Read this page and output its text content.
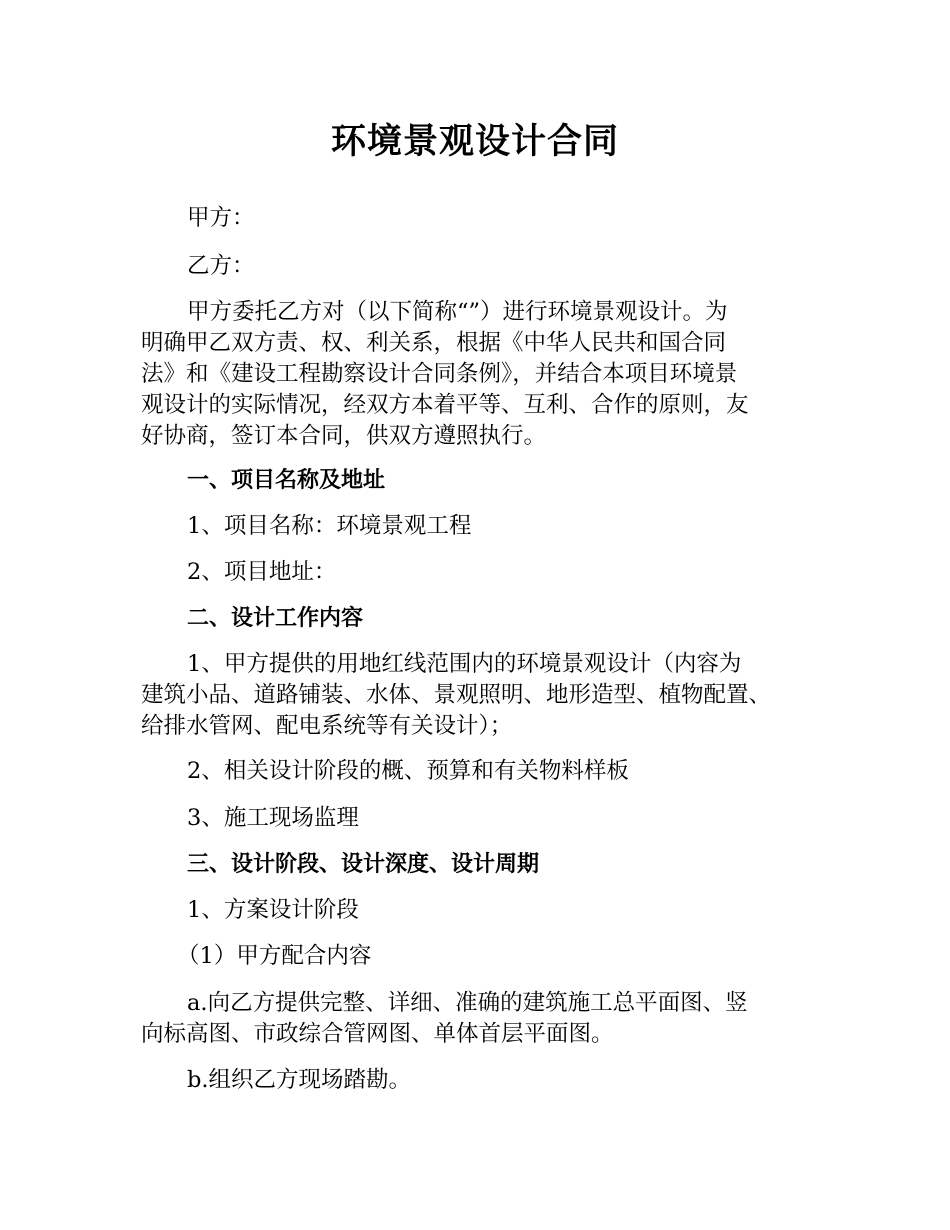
环境景观设计合同
甲方：
乙方：
甲方委托乙方对（以下简称“”）进行环境景观设计。为
明确甲乙双方责、权、利关系，根据《中华人民共和国合同
法》和《建设工程勘察设计合同条例》，并结合本项目环境景
观设计的实际情况，经双方本着平等、互利、合作的原则，友
好协商，签订本合同，供双方遵照执行。
一、项目名称及地址
1、项目名称：环境景观工程
2、项目地址：
二、设计工作内容
1、甲方提供的用地红线范围内的环境景观设计（内容为
建筑小品、道路铺装、水体、景观照明、地形造型、植物配置、
给排水管网、配电系统等有关设计）；
2、相关设计阶段的概、预算和有关物料样板
3、施工现场监理
三、设计阶段、设计深度、设计周期
1、方案设计阶段
（1）甲方配合内容
a.向乙方提供完整、详细、准确的建筑施工总平面图、竖
向标高图、市政综合管网图、单体首层平面图。
b.组织乙方现场踏勘。
